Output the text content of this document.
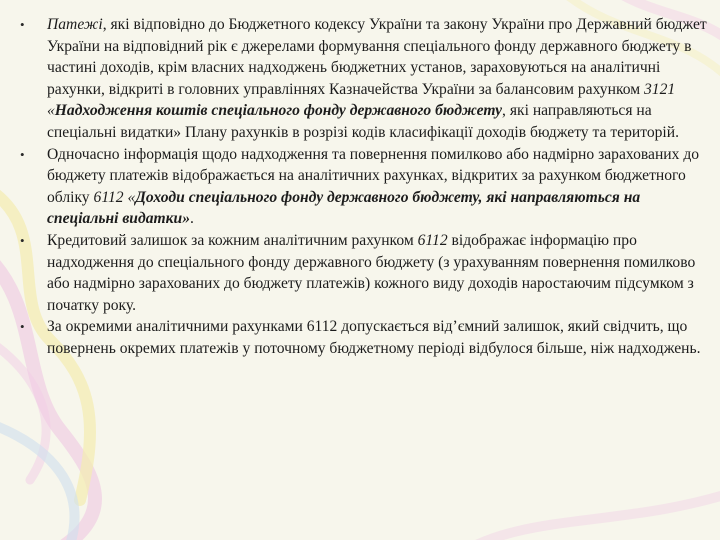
• Патежі, які відповідно до Бюджетного кодексу України та закону України про Державний бюджет України на відповідний рік є джерелами формування спеціального фонду державного бюджету в частині доходів, крім власних надходжень бюджетних установ, зараховуються на аналітичні рахунки, відкриті в головних управліннях Казначейства України за балансовим рахунком 3121 «Надходження коштів спеціального фонду державного бюджету, які направляються на спеціальні видатки» Плану рахунків в розрізі кодів класифікації доходів бюджету та територій.
• Одночасно інформація щодо надходження та повернення помилково або надмірно зарахованих до бюджету платежів відображається на аналітичних рахунках, відкритих за рахунком бюджетного обліку 6112 «Доходи спеціального фонду державного бюджету, які направляються на спеціальні видатки».
• Кредитовий залишок за кожним аналітичним рахунком 6112 відображає інформацію про надходження до спеціального фонду державного бюджету (з урахуванням повернення помилково або надмірно зарахованих до бюджету платежів) кожного виду доходів наростаючим підсумком з початку року.
• За окремими аналітичними рахунками 6112 допускається від’ємний залишок, який свідчить, що повернень окремих платежів у поточному бюджетному періоді відбулося більше, ніж надходжень.
